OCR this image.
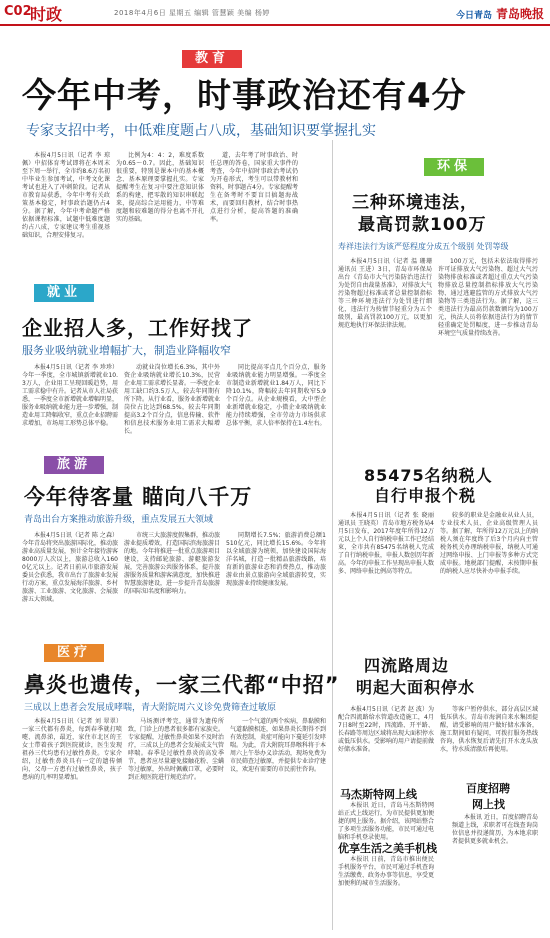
C02
时政	2018年4月6日 星期五 编辑 管慧颖 美编 杨婷	今日青岛 青岛晚报
教育
今年中考，时事政治还有4分
专家支招中考，中低难度题占八成，基础知识要掌握扎实

本报4月5日讯（记者 李 琼佩）中招体育考试即将在本周末至下周一举行，全市约8.6万名初中毕业生参加考试，中考文化课考试也进入了冲刺阶段。记者从市教育局获悉，今年中考有关政策基本稳定，时事政治题仍占4分。据了解，今年中考命题严格依据课程标准，试题中低难度题约占八成，专家建议考生重视基础知识，合理安排复习。

比例为4：4：2，难度系数为0.65～0.7。因此，基础知识很重要，特别是课本中的基本概念、基本原理要掌握扎实。专家提醒考生在复习中要注意知识体系的构建，把零散的知识串联起来，提高综合运用能力，中等难度题和较难题的得分也离不开扎实的基础。

道，去年考了时事政治、时任总理的答卷，国家重大事件的考查，今年中招时事政治考试仍为开卷形式，考生可以带教材和资料，时事题占4分。专家提醒考生在备考时不要盲目搞题海战术，而要回归教材，结合时事热点进行分析，提高答题的准确率。

环保
三种环境违法，
最高罚款100万
寿祥违法行为该严惩程度分成五个级别 处罚等级

本报4月5日讯（记者 温 珊珊 通讯员 王进）3日，青岛市环保局出台《青岛市大气污染防治违法行为处罚自由裁量基准》，对排放大气污染物超过标准或者总量控制指标等三种环境违法行为处罚进行细化，违法行为按情节轻重分为五个级别，最高罚款100万元，以更加规范地执行环保法律法规。

100万元，包括未依法取得排污许可证排放大气污染物、超过大气污染物排放标准或者超过重点大气污染物排放总量控制指标排放大气污染物、通过逃避监管的方式排放大气污染物等三类违法行为。据了解，这三类违法行为最高罚款数额均为100万元，执法人员将依据违法行为的情节轻重确定处罚幅度，进一步推动青岛环境空气质量持续改善。

就业
企业招人多，工作好找了
服务业吸纳就业增幅扩大，制造业降幅收窄

本报4月5日讯（记者 李 珍珍）今年一季度，全市城镇新增就业10.3万人，企业用工呈现回暖趋势，用工需求稳中有升。记者从市人社局获悉，一季度全市新增就业增幅明显，服务业吸纳就业能力进一步增强，制造业用工降幅收窄，重点企业招聘需求增加，市场用工形势总体平稳。

动就业岗位增长6.3%，其中外资企业吸纳就业增长10.3%，民营企业用工需求增长显著。一季度企业用工缺口约3.5万人，较去年同期有所下降。从行业看，服务业新增就业岗位占比达到68.5%，较去年同期提高3.2个百分点，信息传输、软件和信息技术服务业用工需求大幅增长。

同比提高零点几个百分点，服务业吸纳就业能力明显增强。一季度全市制造业新增就业1.84万人，同比下降10.1%，降幅较去年同期收窄5.9个百分点。从企业规模看，大中型企业新增就业稳定，小微企业吸纳就业能力持续增强，全市劳动力市场供求总体平衡，求人倍率保持在1.4左右。

旅游
今年待客量 瞄向八千万
青岛出台方案推动旅游升级，重点发展五大领域

本报4月5日讯（记者 陈 之森）今年青岛将突出旅游国际化，推动旅游业高质量发展，预计全年接待游客8000万人次以上，旅游总收入1600亿元以上。记者日前从市旅游发展委员会获悉，我市出台了旅游业发展行动方案，重点发展海洋旅游、乡村旅游、工业旅游、文化旅游、会展旅游五大领域。

市统三大旅游度假集群，推动旅游业提质增效，打造国际滨海旅游目的地。今年将推进一批重点旅游项目建设，支持邮轮旅游、游艇旅游发展，完善旅游公共服务体系，提升旅游服务质量和游客满意度，加快推进智慧旅游建设，进一步提升青岛旅游的国际知名度和影响力。

同期增长7.5%；旅游消费总额1510亿元，同比增长15.6%。今年将以全域旅游为统领，加快建设国际海洋名城，打造一批精品旅游线路，培育新的旅游业态和消费热点，推动旅游业由景点旅游向全域旅游转变，实现旅游业持续健康发展。

85475名纳税人
自行申报个税

本报4月5日讯（记者 张 晓丽 通讯员 王晓英）青岛市地方税务局4月5日发布，2017年度年所得12万元以上个人自行纳税申报工作已经结束，全市共有85475名纳税人完成了自行纳税申报，申报人数创历年新高。今年的申报工作呈现出申报人数多、网络申报比例高等特点。

较多的职业是金融业从业人员，专业技术人员、企业高级管理人员等。据了解，年所得12万元以上的纳税人须在年度终了后3个月内向主管税务机关办理纳税申报，纳税人可通过网络申报、上门申报等多种方式完成申报。地税部门提醒，未按期申报的纳税人应尽快补办申报手续。

四流路周边
明起大面积停水

本报4月5日讯（记者 赵 波）为配合四流路给水管道改造施工，4月7日8时至22时，四流路、开平路、长春路等周边区域将出现大面积停水或低压供水。受影响的用户请提前做好储水准备。

等客户暂停供水，部分高层区域低压供水。青岛市海润自来水集团提醒，请受影响的用户做好储水准备，施工期间如有疑问，可拨打服务热线咨询，供水恢复后请先打开水龙头放水，待水质清澈后再使用。

马杰斯特网上线

本报讯 近日，青岛马杰斯特网站正式上线运行，为市民提供更加便捷的网上服务。据介绍，该网站整合了多项生活服务功能，市民可通过电脑和手机登录使用。

优享生活之美手机栈

本报讯 日前，青岛市推出便民手机服务平台，市民可通过手机查询生活缴费、政务办事等信息，享受更加便利的城市生活服务。

百度招聘
网上找

本报讯 近日，百度招聘青岛频道上线，求职者可在线查询岗位信息并投递简历，为本地求职者提供更多就业机会。

医疗
鼻炎也遗传，一家三代都“中招”
三成以上患者会发展成哮喘，青大附院周六义诊免费筛查过敏原

本报4月5日讯（记者 刘 翠翠）一家三代都有鼻炎，每到春季就打喷嚏、流鼻涕，最近，家住市北区的王女士带着孩子到医院就诊，医生发现祖孙三代均患有过敏性鼻炎。专家介绍，过敏性鼻炎具有一定的遗传倾向，父母一方患有过敏性鼻炎，孩子患病的几率明显增加。

马场测评考完，通常为遗传所致，门诊上的患者很多都有家族史。专家提醒，过敏性鼻炎如果不及时治疗，三成以上的患者会发展成支气管哮喘。春季是过敏性鼻炎的高发季节，患者应尽量避免接触花粉、尘螨等过敏原，外出时佩戴口罩，必要时到正规医院进行规范治疗。

一个气道的两个疾病，鼻黏膜和气道黏膜相连，如果鼻炎长期得不到有效控制，炎症可能向下蔓延引发哮喘。为此，青大附院耳鼻喉科将于本周六上午举办义诊活动，现场免费为市民筛查过敏原，并提供专业诊疗建议，欢迎有需要的市民前往咨询。
